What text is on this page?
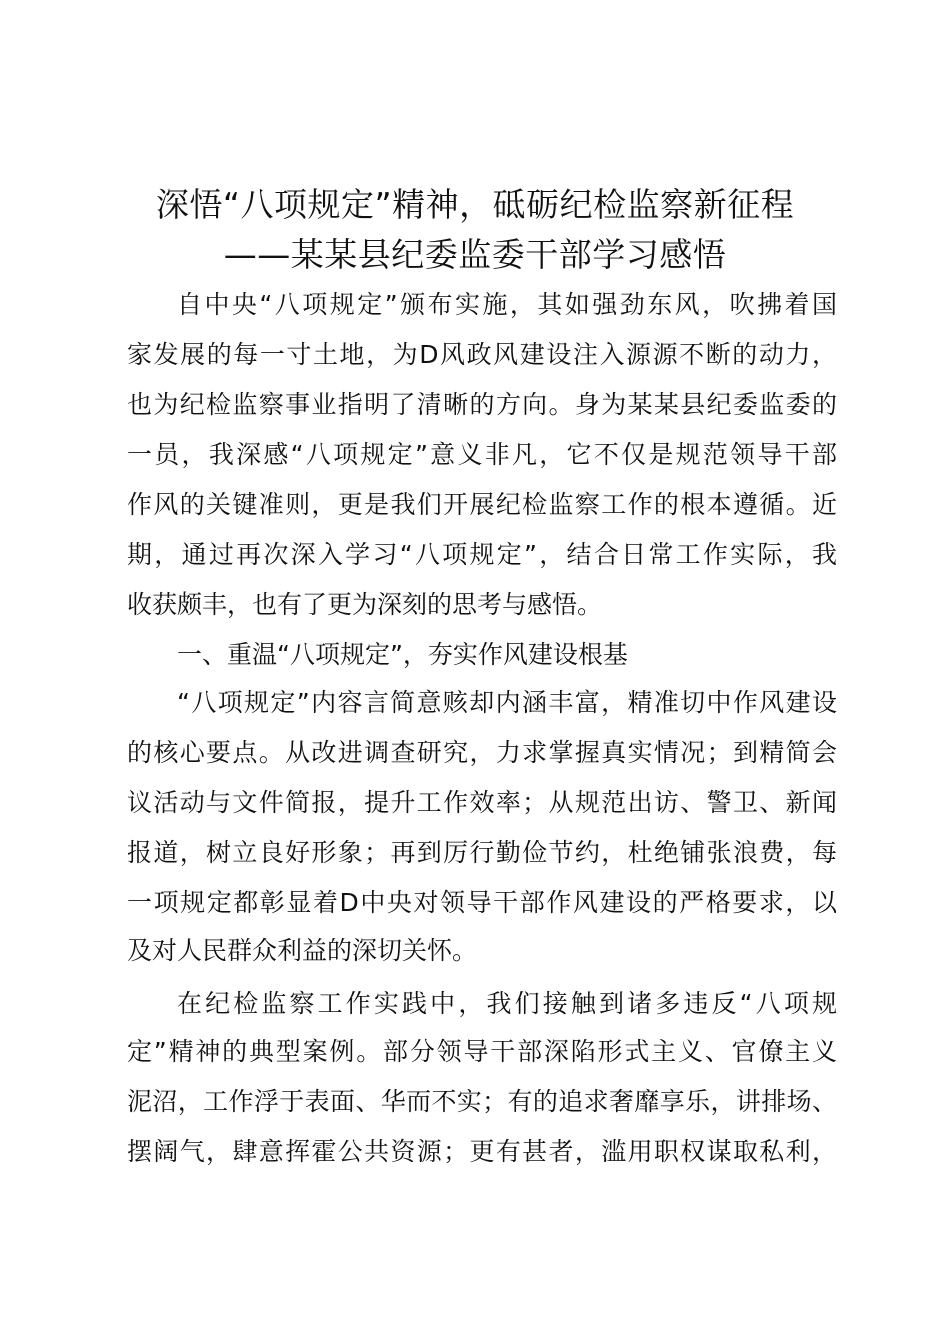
深悟“八项规定”精神，砥砺纪检监察新征程
——某某县纪委监委干部学习感悟
自中央“八项规定”颁布实施，其如强劲东风，吹拂着国
家发展的每一寸土地，为D风政风建设注入源源不断的动力，
也为纪检监察事业指明了清晰的方向。身为某某县纪委监委的
一员，我深感“八项规定”意义非凡，它不仅是规范领导干部
作风的关键准则，更是我们开展纪检监察工作的根本遵循。近
期，通过再次深入学习“八项规定”，结合日常工作实际，我
收获颇丰，也有了更为深刻的思考与感悟。
一、重温“八项规定”，夯实作风建设根基
“八项规定”内容言简意赅却内涵丰富，精准切中作风建设
的核心要点。从改进调查研究，力求掌握真实情况；到精简会
议活动与文件简报，提升工作效率；从规范出访、警卫、新闻
报道，树立良好形象；再到厉行勤俭节约，杜绝铺张浪费，每
一项规定都彰显着D中央对领导干部作风建设的严格要求，以
及对人民群众利益的深切关怀。
在纪检监察工作实践中，我们接触到诸多违反“八项规
定”精神的典型案例。部分领导干部深陷形式主义、官僚主义
泥沼，工作浮于表面、华而不实；有的追求奢靡享乐，讲排场、
摆阔气，肆意挥霍公共资源；更有甚者，滥用职权谋取私利，
